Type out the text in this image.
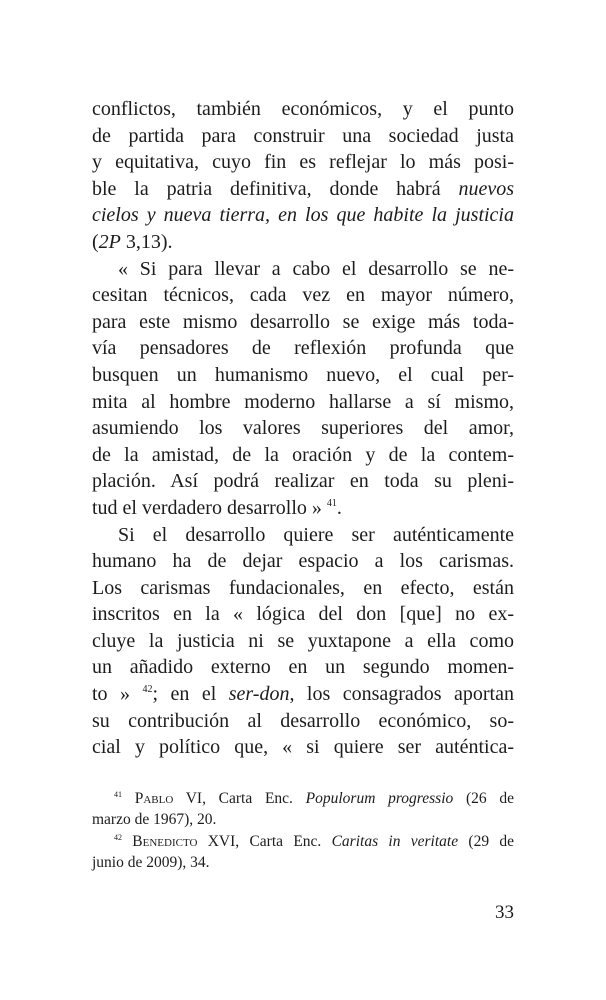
conflictos, también económicos, y el punto
de partida para construir una sociedad justa
y equitativa, cuyo fin es reflejar lo más posi-
ble la patria definitiva, donde habrá nuevos
cielos y nueva tierra, en los que habite la justicia
(2P 3,13).

« Si para llevar a cabo el desarrollo se ne-
cesitan técnicos, cada vez en mayor número,
para este mismo desarrollo se exige más toda-
vía pensadores de reflexión profunda que
busquen un humanismo nuevo, el cual per-
mita al hombre moderno hallarse a sí mismo,
asumiendo los valores superiores del amor,
de la amistad, de la oración y de la contem-
plación. Así podrá realizar en toda su pleni-
tud el verdadero desarrollo » $^{41}$.

Si el desarrollo quiere ser auténticamente
humano ha de dejar espacio a los carismas.
Los carismas fundacionales, en efecto, están
inscritos en la « lógica del don [que] no ex-
cluye la justicia ni se yuxtapone a ella como
un añadido externo en un segundo momen-
to » $^{42}$; en el ser-don, los consagrados aportan
su contribución al desarrollo económico, so-
cial y político que, « si quiere ser auténtica-

$^{41}$ Pablo VI, Carta Enc. Populorum progressio (26 de
marzo de 1967), 20.

$^{42}$ Benedicto XVI, Carta Enc. Caritas in veritate (29 de
junio de 2009), 34.

33
